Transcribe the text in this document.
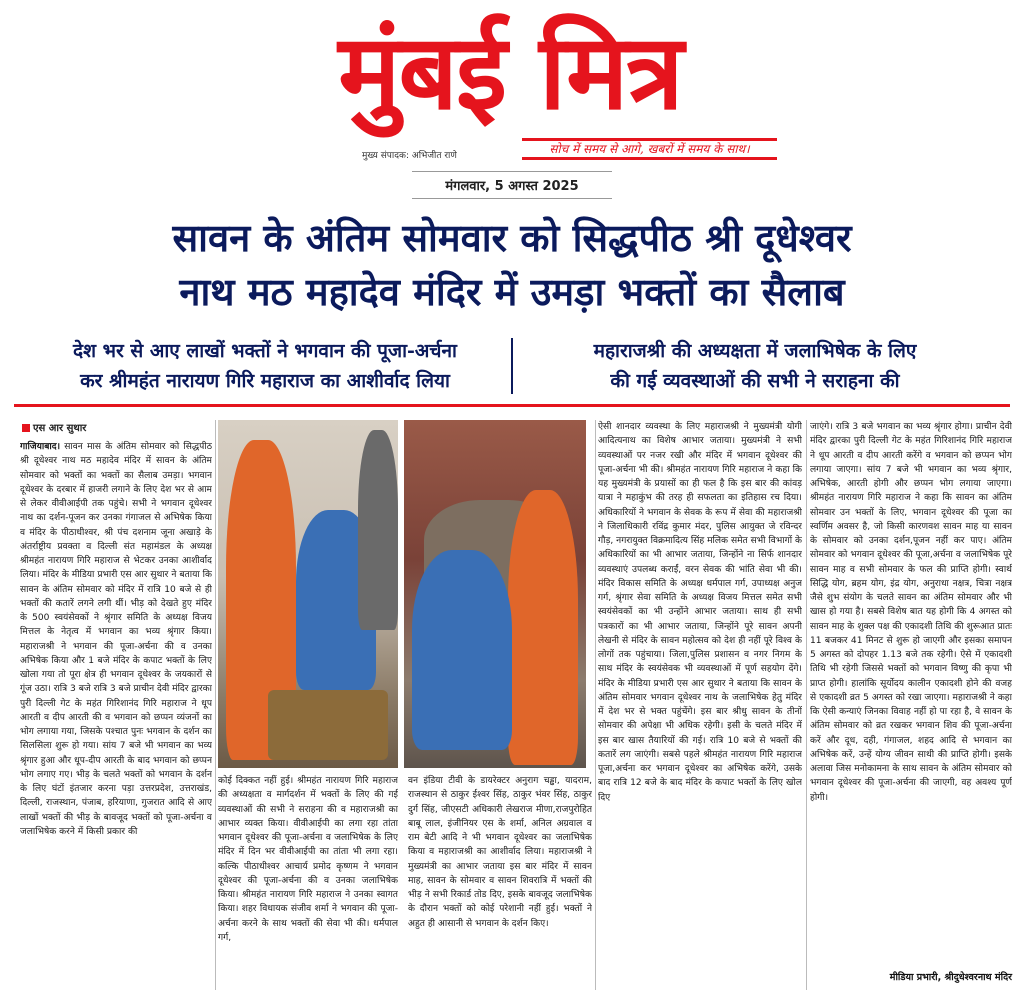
मुंबई मित्र
सोच में समय से आगे, खबरों में समय के साथ।
मुख्य संपादक: अभिजीत राणे
मंगलवार, 5 अगस्त 2025
सावन के अंतिम सोमवार को सिद्धपीठ श्री दूधेश्वर
नाथ मठ महादेव मंदिर में उमड़ा भक्तों का सैलाब
देश भर से आए लाखों भक्तों ने भगवान की पूजा-अर्चना
कर श्रीमहंत नारायण गिरि महाराज का आशीर्वाद लिया
महाराजश्री की अध्यक्षता में जलाभिषेक के लिए
की गई व्यवस्थाओं की सभी ने सराहना की
एस आर सुथार

गाजियाबाद। सावन मास के अंतिम सोमवार को सिद्धपीठ श्री दूधेश्वर नाथ मठ महादेव मंदिर में सावन के अंतिम सोमवार को भक्तों का भक्तों का सैलाब उमड़ा। भगवान दूधेश्वर के दरबार में हाजरी लगाने के लिए देश भर से आम से लेकर वीवीआईपी तक पहुंचे। सभी ने भगवान दूधेश्वर नाथ का दर्शन-पूजन कर उनका गंगाजल से अभिषेक किया व मंदिर के पीठाधीश्वर, श्री पंच दशनाम जूना अखाड़े के अंतर्राष्ट्रीय प्रवक्ता व दिल्ली संत महामंडल के अध्यक्ष श्रीमहंत नारायण गिरि महाराज से भेटकर उनका आशीर्वाद लिया। मंदिर के मीडिया प्रभारी एस आर सुथार ने बताया कि सावन के अंतिम सोमवार को मंदिर में रात्रि 10 बजे से ही भक्तों की कतारें लगने लगी थीं। भीड़ को देखते हुए मंदिर के 500 स्वयंसेवकों ने श्रृंगार समिति के अध्यक्ष विजय मित्तल के नेतृत्व में भगवान का भव्य श्रृंगार किया। महाराजश्री ने भगवान की पूजा-अर्चना की व उनका अभिषेक किया और 1 बजे मंदिर के कपाट भक्तों के लिए खोला गया तो पूरा क्षेत्र ही भगवान दूधेश्वर के जयकारों से गूंज उठा। रात्रि 3 बजे रात्रि 3 बजे प्राचीन देवी मंदिर द्वारका पुरी दिल्ली गेट के महंत गिरिशानंद गिरि महाराज ने धूप आरती व दीप आरती की व भगवान को छप्पन व्यंजनों का भोग लगाया गया, जिसके पश्चात पुनः भगवान के दर्शन का सिलसिला शुरू हो गया। सांय 7 बजे भी भगवान का भव्य श्रृंगार हुआ और धूप-दीप आरती के बाद भगवान को छप्पन भोग लगाए गए। भीड़ के चलते भक्तों को भगवान के दर्शन के लिए घंटों इंतजार करना पड़ा उत्तरप्रदेश, उत्तराखंड, दिल्ली, राजस्थान, पंजाब, हरियाणा, गुजरात आदि से आए लाखों भक्तों की भीड़ के बावजूद भक्तों को पूजा-अर्चना व जलाभिषेक करने में किसी प्रकार की

कोई दिक्कत नहीं हुई। श्रीमहंत नारायण गिरि महाराज की अध्यक्षता व मार्गदर्शन में भक्तों के लिए की गई व्यवस्थाओं की सभी ने सराहना की व महाराजश्री का आभार व्यक्त किया। वीवीआईपी का लगा रहा तांता भगवान दूधेश्वर की पूजा-अर्चना व जलाभिषेक के लिए मंदिर में दिन भर वीवीआईपी का तांता भी लगा रहा। कल्कि पीठाधीश्वर आचार्य प्रमोद कृष्णम ने भगवान दूधेश्वर की पूजा-अर्चना की व उनका जलाभिषेक किया। श्रीमहंत नारायण गिरि महाराज ने उनका स्वागत किया। शहर विधायक संजीव शर्मा ने भगवान की पूजा-अर्चना करने के साथ भक्तों की सेवा भी की। धर्मपाल गर्ग,

वन इंडिया टीवी के डायरेक्टर अनुराग चड्ढा, यादराम, राजस्थान से ठाकुर ईश्वर सिंह, ठाकुर भंवर सिंह, ठाकुर दुर्ग सिंह, जीएसटी अधिकारी लेखराज मीणा,राजपुरोहित बाबू लाल, इंजीनियर एस के शर्मा, अनिल अग्रवाल व राम बेटी आदि ने भी भगवान दूधेश्वर का जलाभिषेक किया व महाराजश्री का आशीर्वाद लिया। महाराजश्री ने मुख्यमंत्री का आभार जताया इस बार मंदिर में सावन माह, सावन के सोमवार व सावन शिवरात्रि में भक्तों की भीड़ ने सभी रिकार्ड तोड दिए, इसके बावजूद जलाभिषेक के दौरान भक्तों को कोई परेशानी नहीं हुई। भक्तों ने अहुत ही आसानी से भगवान के दर्शन किए।

ऐसी शानदार व्यवस्था के लिए महाराजश्री ने मुख्यमंत्री योगी आदित्यनाथ का विशेष आभार जताया। मुख्यमंत्री ने सभी व्यवस्थाओं पर नजर रखी और मंदिर में भगवान दूधेश्वर की पूजा-अर्चना भी की। श्रीमहंत नारायण गिरि महाराज ने कहा कि यह मुख्यमंत्री के प्रयासों का ही फल है कि इस बार की कांवड़ यात्रा ने महाकुंभ की तरह ही सफलता का इतिहास रच दिया। अधिकारियों ने भगवान के सेवक के रूप में सेवा की महाराजश्री ने जिलाधिकारी रविंद्र कुमार मंदर, पुलिस आयुक्त जे रविन्दर गौड़, नगरायुक्त विक्रमादित्य सिंह मलिक समेत सभी विभागों के अधिकारियों का भी आभार जताया, जिन्होंने ना सिर्फ शानदार व्यवस्थाएं उपलब्ध कराईं, वरन सेवक की भांति सेवा भी की। मंदिर विकास समिति के अध्यक्ष धर्मपाल गर्ग, उपाध्यक्ष अनुज गर्ग, श्रृंगार सेवा समिति के अध्यक्ष विजय मित्तल समेत सभी स्वयंसेवकों का भी उन्होंने आभार जताया। साथ ही सभी पत्रकारों का भी आभार जताया, जिन्होंने पूरे सावन अपनी लेखनी से मंदिर के सावन महोत्सव को देश ही नहीं पूरे विश्व के लोगों तक पहुंचाया। जिला,पुलिस प्रशासन व नगर निगम के साथ मंदिर के स्वयंसेवक भी व्यवस्थाओं में पूर्ण सहयोग देंगे। मंदिर के मीडिया प्रभारी एस आर सुथार ने बताया कि सावन के अंतिम सोमवार भगवान दूधेश्वर नाथ के जलाभिषेक हेतु मंदिर में देश भर से भक्त पहुंचेंगे। इस बार श्रीधु सावन के तीनों सोमवार की अपेक्षा भी अधिक रहेगी। इसी के चलते मंदिर में इस बार खास तैयारियों की गई। रात्रि 10 बजे से भक्तों की कतारें लग जाएंगी। सबसे पहले श्रीमहंत नारायण गिरि महाराज पूजा,अर्चना कर भगवान दूधेश्वर का अभिषेक करेंगे, उसके बाद रात्रि 12 बजे के बाद मंदिर के कपाट भक्तों के लिए खोल दिए

जाएंगे। रात्रि 3 बजे भगवान का भव्य श्रृंगार होगा। प्राचीन देवी मंदिर द्वारका पुरी दिल्ली गेट के महंत गिरिशानंद गिरि महाराज ने धूप आरती व दीप आरती करेंगे व भगवान को छप्पन भोग लगाया जाएगा। सांय 7 बजे भी भगवान का भव्य श्रृंगार, अभिषेक, आरती होगी और छप्पन भोग लगाया जाएगा। श्रीमहंत नारायण गिरि महाराज ने कहा कि सावन का अंतिम सोमवार उन भक्तों के लिए, भगवान दूधेश्वर की पूजा का स्वर्णिम अवसर है, जो किसी कारणवश सावन माह या सावन के सोमवार को उनका दर्शन,पूजन नहीं कर पाए। अंतिम सोमवार को भगवान दूधेश्वर की पूजा,अर्चना व जलाभिषेक पूरे सावन माह व सभी सोमवार के फल की प्राप्ति होगी। स्वार्थ सिद्धि योग, ब्रहम योग, इंद्र योग, अनुराधा नक्षत्र, चित्रा नक्षत्र जैसे शुभ संयोग के चलते सावन का अंतिम सोमवार और भी खास हो गया है। सबसे विशेष बात यह होगी कि 4 अगस्त को सावन माह के शुक्ल पक्ष की एकादशी तिथि की शुरूआत प्रातः 11 बजकर 41 मिनट से शुरू हो जाएगी और इसका समापन 5 अगस्त को दोपहर 1.13 बजे तक रहेगी। ऐसे में एकादशी तिथि भी रहेगी जिससे भक्तों को भगवान विष्णु की कृपा भी प्राप्त होगी। हालांकि सूर्योदय कालीन एकादशी होने की वजह से एकादशी व्रत 5 अगस्त को रखा जाएगा। महाराजश्री ने कहा कि ऐसी कन्याएं जिनका विवाह नहीं हो पा रहा है, वे सावन के अंतिम सोमवार को व्रत रखकर भगवान शिव की पूजा-अर्चना करें और दूध, दही, गंगाजल, शहद आदि से भगवान का अभिषेक करें, उन्हें योग्य जीवन साथी की प्राप्ति होगी। इसके अलावा जिस मनोकामना के साथ सावन के अंतिम सोमवार को भगवान दूधेश्वर की पूजा-अर्चना की जाएगी, वह अवश्य पूर्ण होगी।

मीडिया प्रभारी, श्रीदुधेश्वरनाथ मंदिर
